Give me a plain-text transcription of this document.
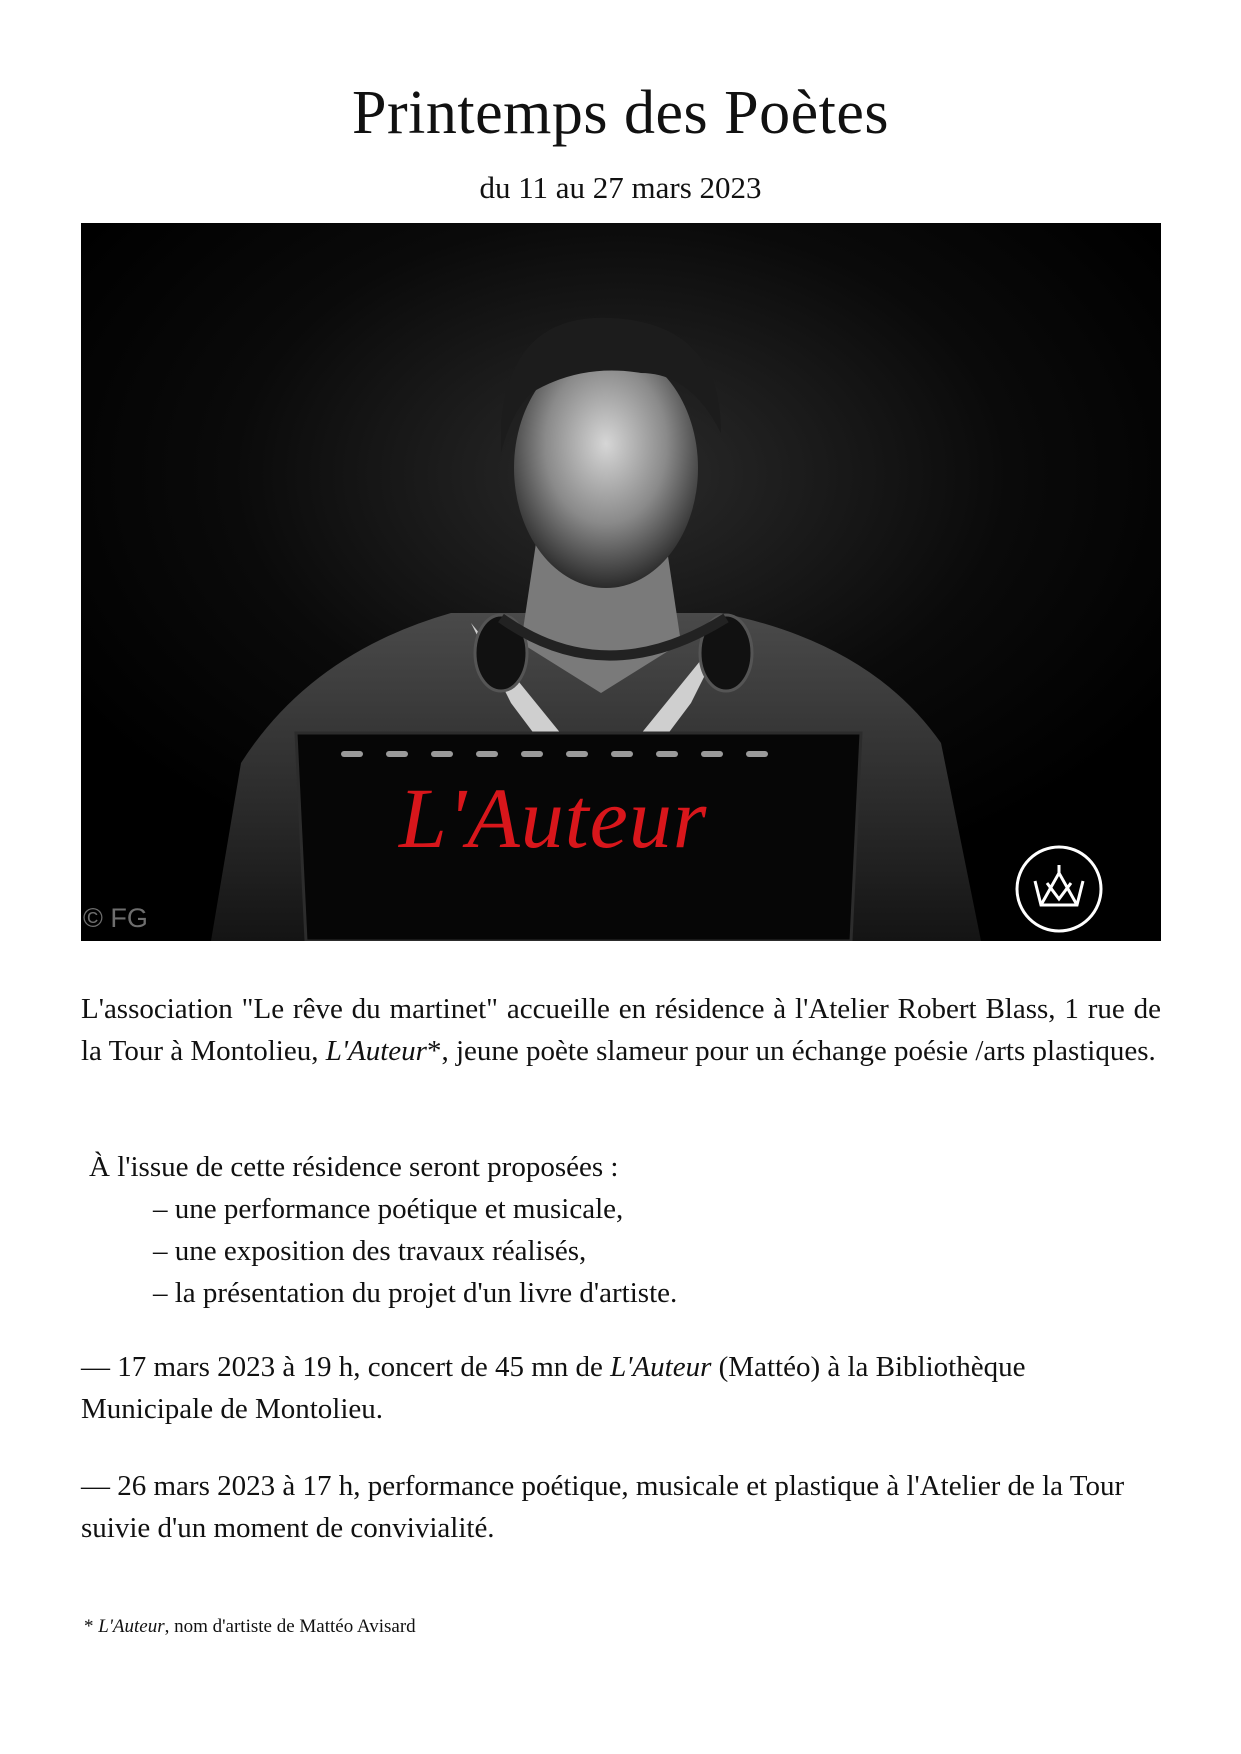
Printemps des Poètes
du 11 au 27 mars 2023
L'Auteur
© FG
L'association "Le rêve du martinet" accueille en résidence à l'Atelier Robert Blass, 1 rue de la Tour à Montolieu, L'Auteur*, jeune poète slameur pour un échange poésie /arts plastiques.
À l'issue de cette résidence seront proposées :
– une performance poétique et musicale,
– une exposition des travaux réalisés,
– la présentation du projet d'un livre d'artiste.
— 17 mars 2023 à 19 h, concert de 45 mn de L'Auteur (Mattéo) à la Bibliothèque Municipale de Montolieu.
— 26 mars 2023 à 17 h, performance poétique, musicale et plastique à l'Atelier de la Tour suivie d'un moment de convivialité.
* L'Auteur, nom d'artiste de Mattéo Avisard
